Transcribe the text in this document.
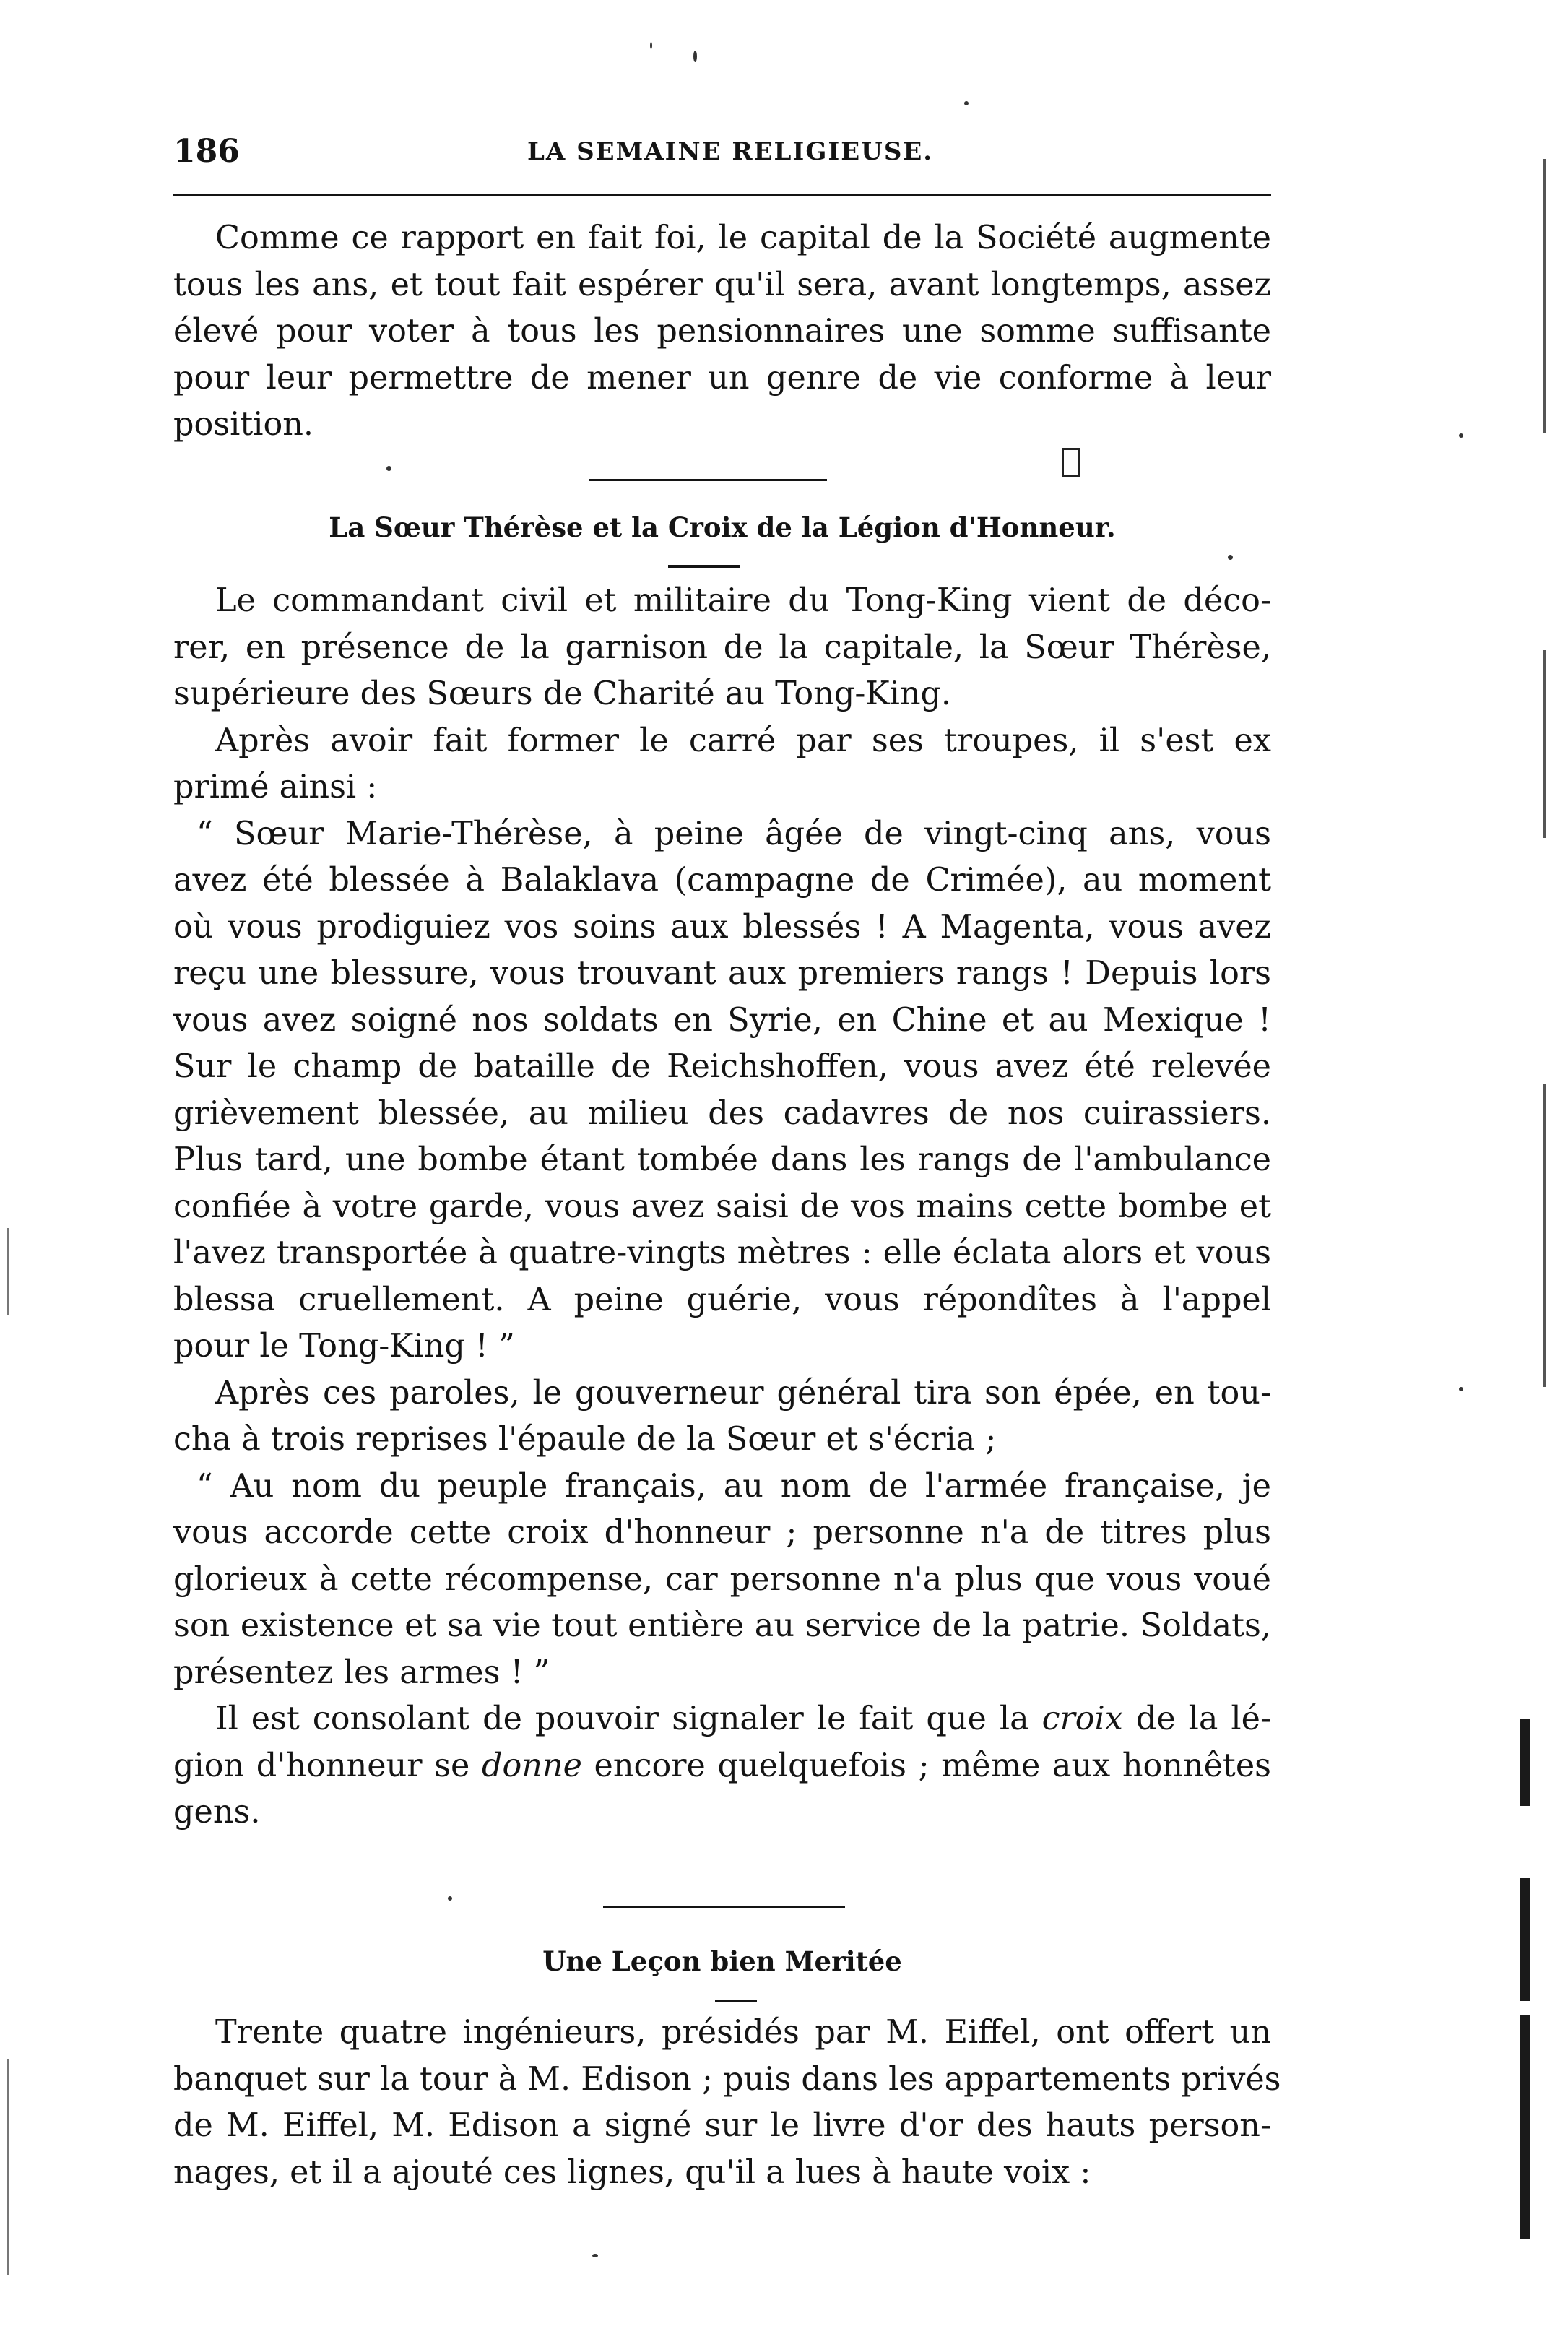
186	LA SEMAINE RELIGIEUSE.
Comme ce rapport en fait foi, le capital de la Société augmente
tous les ans, et tout fait espérer qu'il sera, avant longtemps, assez
élevé pour voter à tous les pensionnaires une somme suffisante
pour leur permettre de mener un genre de vie conforme à leur
position.
La Sœur Thérèse et la Croix de la Légion d'Honneur.
Le commandant civil et militaire du Tong-King vient de déco-
rer, en présence de la garnison de la capitale, la Sœur Thérèse,
supérieure des Sœurs de Charité au Tong-King.
Après avoir fait former le carré par ses troupes, il s'est ex
primé ainsi :
“ Sœur Marie-Thérèse, à peine âgée de vingt-cinq ans, vous
avez été blessée à Balaklava (campagne de Crimée), au moment
où vous prodiguiez vos soins aux blessés ! A Magenta, vous avez
reçu une blessure, vous trouvant aux premiers rangs ! Depuis lors
vous avez soigné nos soldats en Syrie, en Chine et au Mexique !
Sur le champ de bataille de Reichshoffen, vous avez été relevée
grièvement blessée, au milieu des cadavres de nos cuirassiers.
Plus tard, une bombe étant tombée dans les rangs de l'ambulance
confiée à votre garde, vous avez saisi de vos mains cette bombe et
l'avez transportée à quatre-vingts mètres : elle éclata alors et vous
blessa cruellement. A peine guérie, vous répondîtes à l'appel
pour le Tong-King ! ”
Après ces paroles, le gouverneur général tira son épée, en tou-
cha à trois reprises l'épaule de la Sœur et s'écria ;
“ Au nom du peuple français, au nom de l'armée française, je
vous accorde cette croix d'honneur ; personne n'a de titres plus
glorieux à cette récompense, car personne n'a plus que vous voué
son existence et sa vie tout entière au service de la patrie. Soldats,
présentez les armes ! ”
Il est consolant de pouvoir signaler le fait que la croix de la lé-
gion d'honneur se donne encore quelquefois ; même aux honnêtes
gens.
Une Leçon bien Meritée
Trente quatre ingénieurs, présidés par M. Eiffel, ont offert un
banquet sur la tour à M. Edison ; puis dans les appartements privés
de M. Eiffel, M. Edison a signé sur le livre d'or des hauts person-
nages, et il a ajouté ces lignes, qu'il a lues à haute voix :
